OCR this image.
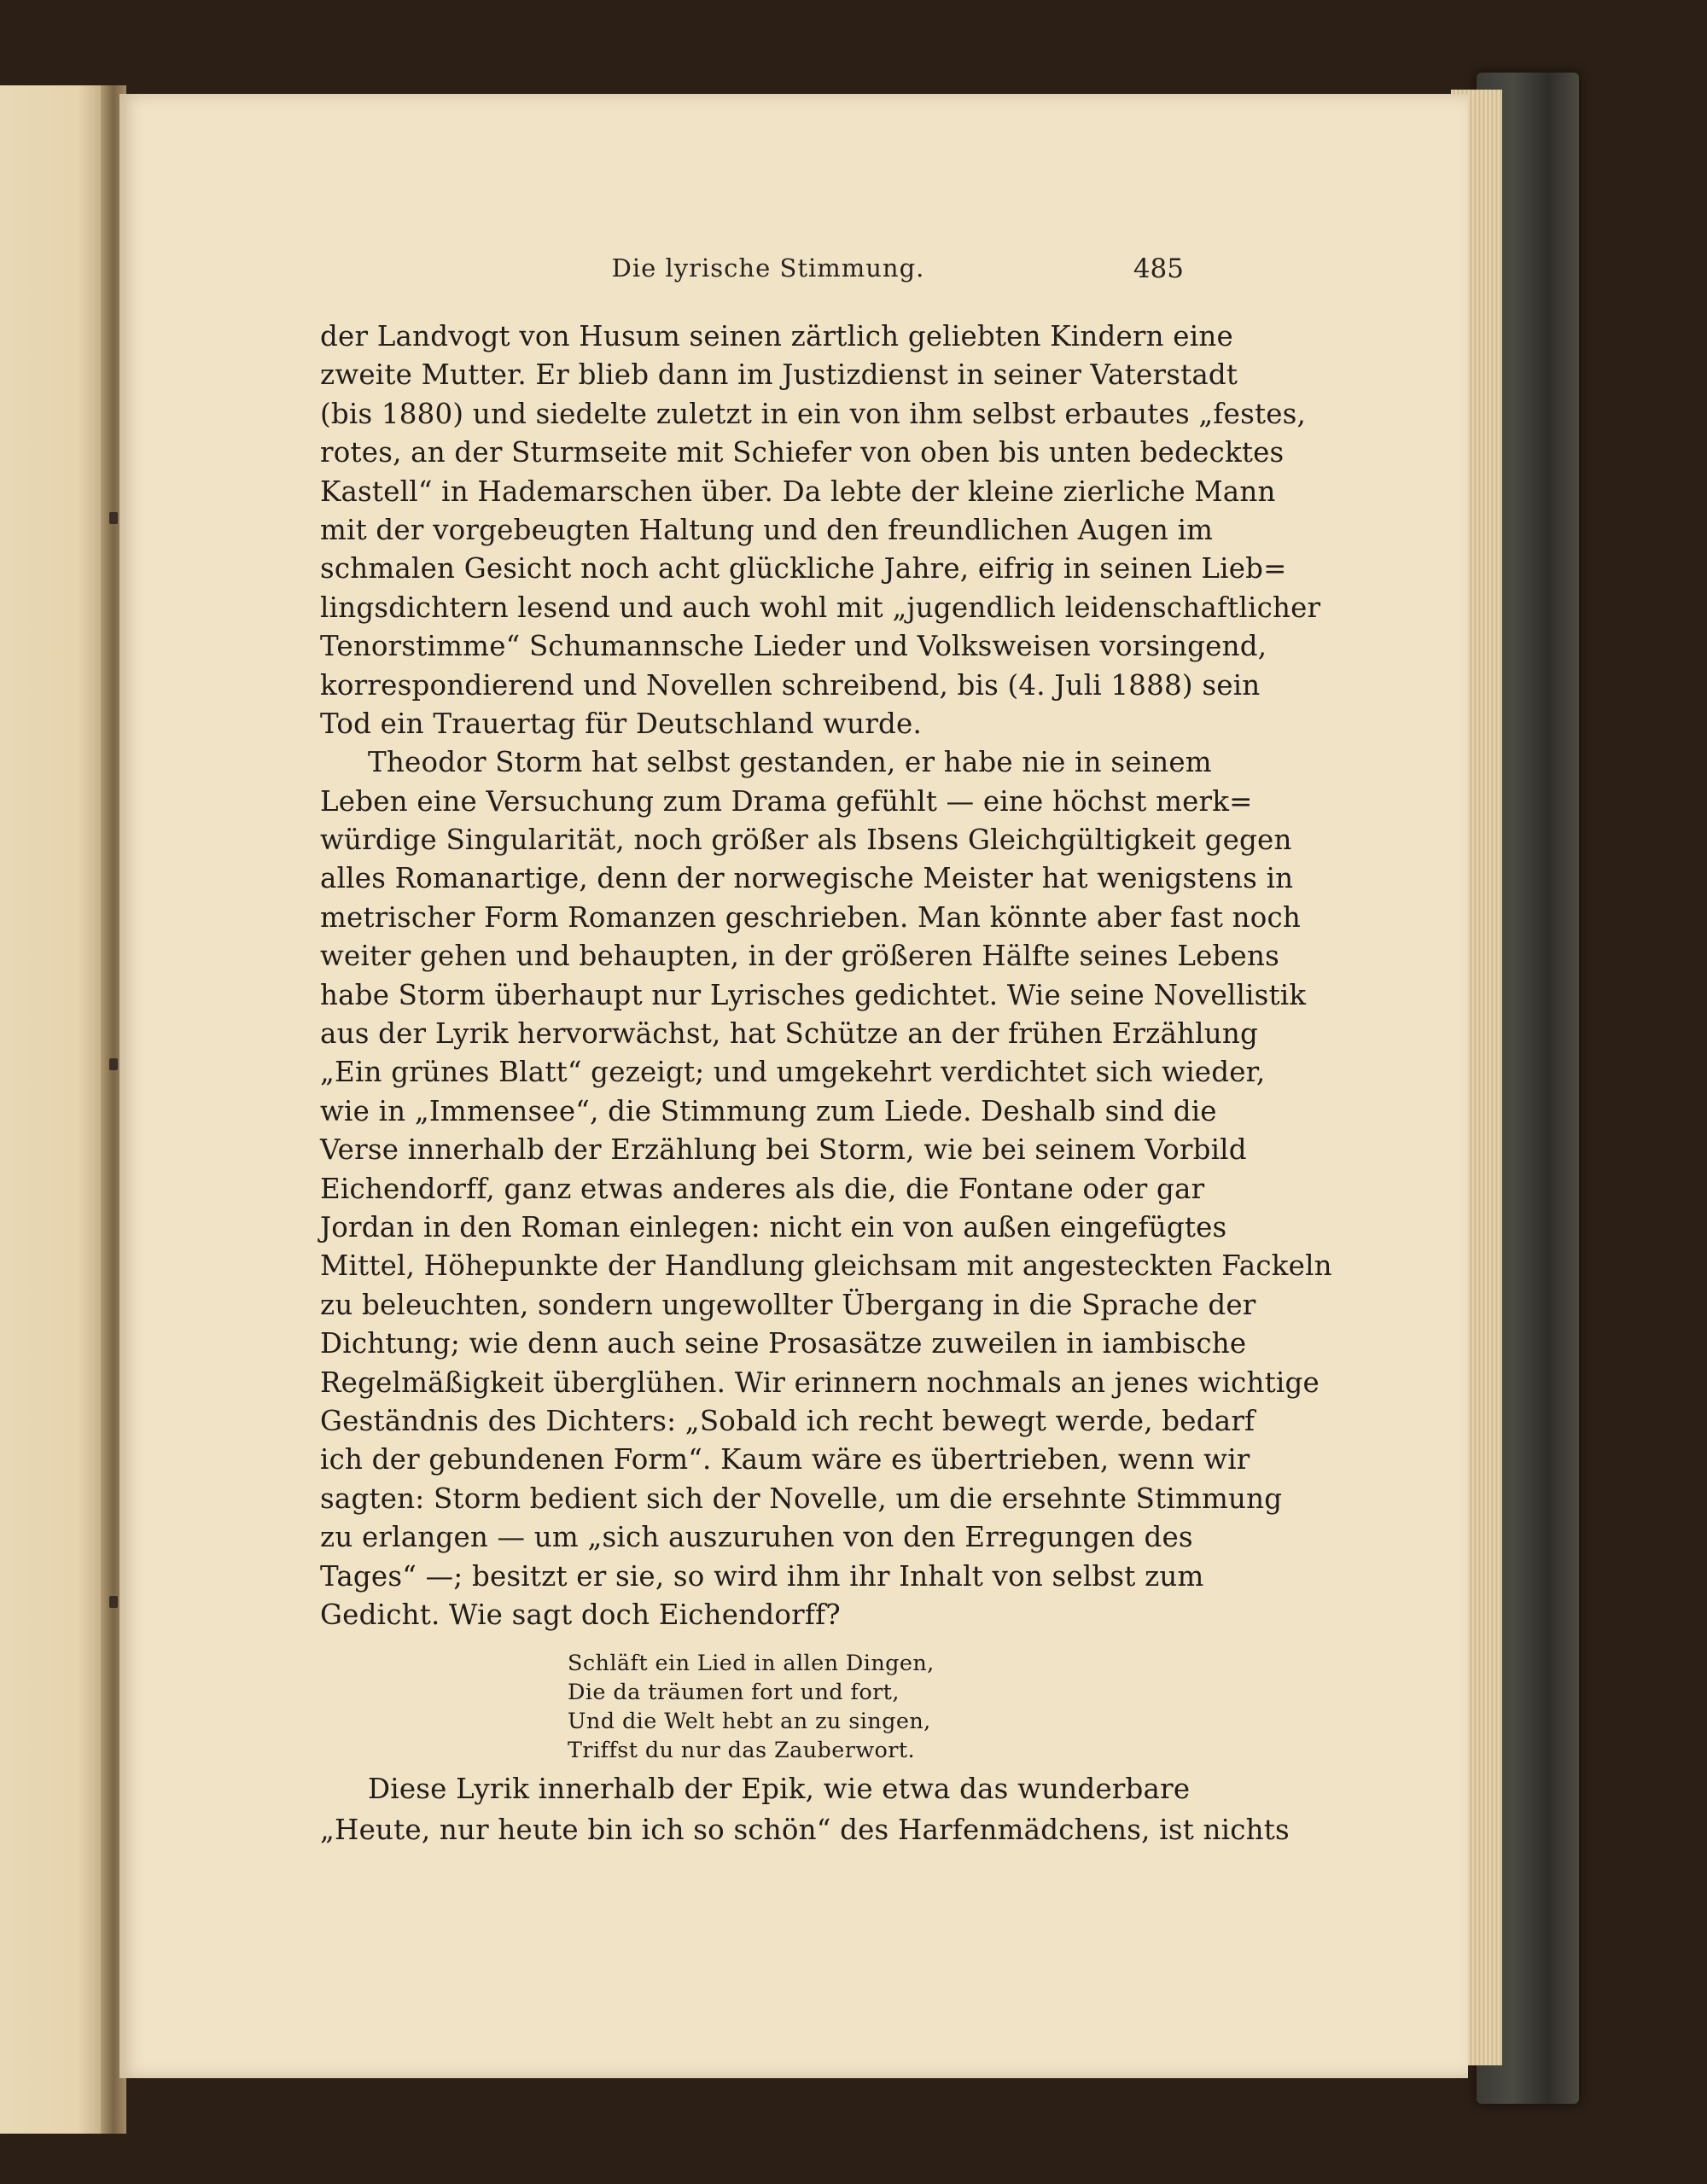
Die lyrische Stimmung.	485
der Landvogt von Husum seinen zärtlich geliebten Kindern eine
zweite Mutter. Er blieb dann im Justizdienst in seiner Vaterstadt
(bis 1880) und siedelte zuletzt in ein von ihm selbst erbautes „festes,
rotes, an der Sturmseite mit Schiefer von oben bis unten bedecktes
Kastell“ in Hademarschen über. Da lebte der kleine zierliche Mann
mit der vorgebeugten Haltung und den freundlichen Augen im
schmalen Gesicht noch acht glückliche Jahre, eifrig in seinen Lieb=
lingsdichtern lesend und auch wohl mit „jugendlich leidenschaftlicher
Tenorstimme“ Schumannsche Lieder und Volksweisen vorsingend,
korrespondierend und Novellen schreibend, bis (4. Juli 1888) sein
Tod ein Trauertag für Deutschland wurde.
Theodor Storm hat selbst gestanden, er habe nie in seinem
Leben eine Versuchung zum Drama gefühlt — eine höchst merk=
würdige Singularität, noch größer als Ibsens Gleichgültigkeit gegen
alles Romanartige, denn der norwegische Meister hat wenigstens in
metrischer Form Romanzen geschrieben. Man könnte aber fast noch
weiter gehen und behaupten, in der größeren Hälfte seines Lebens
habe Storm überhaupt nur Lyrisches gedichtet. Wie seine Novellistik
aus der Lyrik hervorwächst, hat Schütze an der frühen Erzählung
„Ein grünes Blatt“ gezeigt; und umgekehrt verdichtet sich wieder,
wie in „Immensee“, die Stimmung zum Liede. Deshalb sind die
Verse innerhalb der Erzählung bei Storm, wie bei seinem Vorbild
Eichendorff, ganz etwas anderes als die, die Fontane oder gar
Jordan in den Roman einlegen: nicht ein von außen eingefügtes
Mittel, Höhepunkte der Handlung gleichsam mit angesteckten Fackeln
zu beleuchten, sondern ungewollter Übergang in die Sprache der
Dichtung; wie denn auch seine Prosasätze zuweilen in iambische
Regelmäßigkeit überglühen. Wir erinnern nochmals an jenes wichtige
Geständnis des Dichters: „Sobald ich recht bewegt werde, bedarf
ich der gebundenen Form“. Kaum wäre es übertrieben, wenn wir
sagten: Storm bedient sich der Novelle, um die ersehnte Stimmung
zu erlangen — um „sich auszuruhen von den Erregungen des
Tages“ —; besitzt er sie, so wird ihm ihr Inhalt von selbst zum
Gedicht. Wie sagt doch Eichendorff?
Schläft ein Lied in allen Dingen,
Die da träumen fort und fort,
Und die Welt hebt an zu singen,
Triffst du nur das Zauberwort.
Diese Lyrik innerhalb der Epik, wie etwa das wunderbare
„Heute, nur heute bin ich so schön“ des Harfenmädchens, ist nichts
